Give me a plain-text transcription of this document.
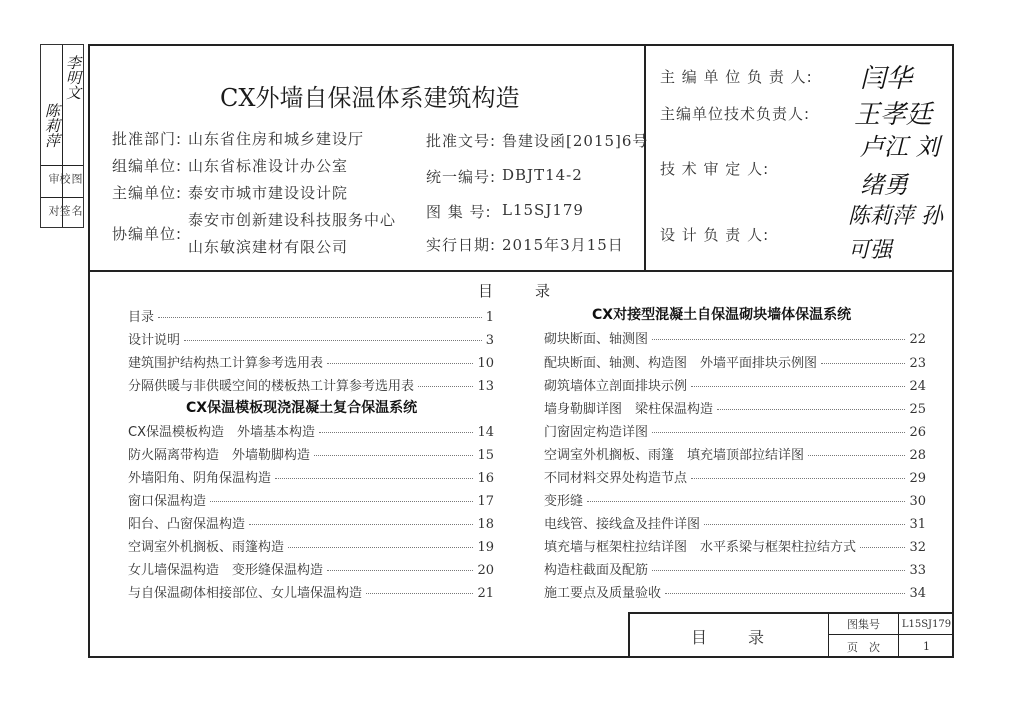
李明文
陈莉萍
审
校 图
对
签 名
CX外墙自保温体系建筑构造
批准部门: 山东省住房和城乡建设厅
组编单位: 山东省标准设计办公室
主编单位: 泰安市城市建设设计院
协编单位:
泰安市创新建设科技服务中心
山东敏滨建材有限公司
批准文号: 鲁建设函[2015]6号
统一编号: DBJT14-2
图 集 号: L15SJ179
实行日期: 2015年3月15日
主 编 单 位 负 责 人: 闫华
主编单位技术负责人: 王孝廷
技 术 审 定 人:
卢江 刘绪勇
设 计 负 责 人:
陈莉萍 孙可强
目　　录
目录	1
设计说明	3
建筑围护结构热工计算参考选用表	10
分隔供暖与非供暖空间的楼板热工计算参考选用表	13
CX保温模板现浇混凝土复合保温系统
CX保温模板构造　外墙基本构造	14
防火隔离带构造　外墙勒脚构造	15
外墙阳角、阴角保温构造	16
窗口保温构造	17
阳台、凸窗保温构造	18
空调室外机搁板、雨篷构造	19
女儿墙保温构造　变形缝保温构造	20
与自保温砌体相接部位、女儿墙保温构造	21
CX对接型混凝土自保温砌块墙体保温系统
砌块断面、轴测图	22
配块断面、轴测、构造图　外墙平面排块示例图	23
砌筑墙体立剖面排块示例	24
墙身勒脚详图　梁柱保温构造	25
门窗固定构造详图	26
空调室外机搁板、雨篷　填充墙顶部拉结详图	28
不同材料交界处构造节点	29
变形缝	30
电线管、接线盒及挂件详图	31
填充墙与框架柱拉结详图　水平系梁与框架柱拉结方式	32
构造柱截面及配筋	33
施工要点及质量验收	34
目　　录
图集号	L15SJ179
页　次	1
